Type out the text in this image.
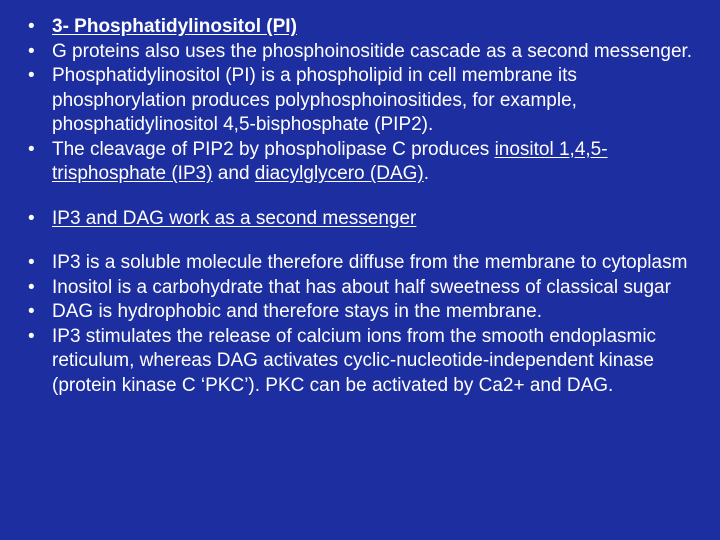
• 3- Phosphatidylinositol (PI)
• G proteins also uses the phosphoinositide cascade as a second messenger.
• Phosphatidylinositol (PI) is a phospholipid in cell membrane its phosphorylation produces polyphosphoinositides, for example, phosphatidylinositol 4,5-bisphosphate (PIP2).
• The cleavage of PIP2 by phospholipase C produces inositol 1,4,5-trisphosphate (IP3) and diacylglycero (DAG).
• IP3 and DAG work as a second messenger
• IP3 is a soluble molecule therefore diffuse from the membrane to cytoplasm
• Inositol is a carbohydrate that has about half sweetness of classical sugar
• DAG is hydrophobic and therefore stays in the membrane.
• IP3 stimulates the release of calcium ions from the smooth endoplasmic reticulum, whereas DAG activates cyclic-nucleotide-independent kinase (protein kinase C ‘PKC’). PKC can be activated by Ca2+ and DAG.
